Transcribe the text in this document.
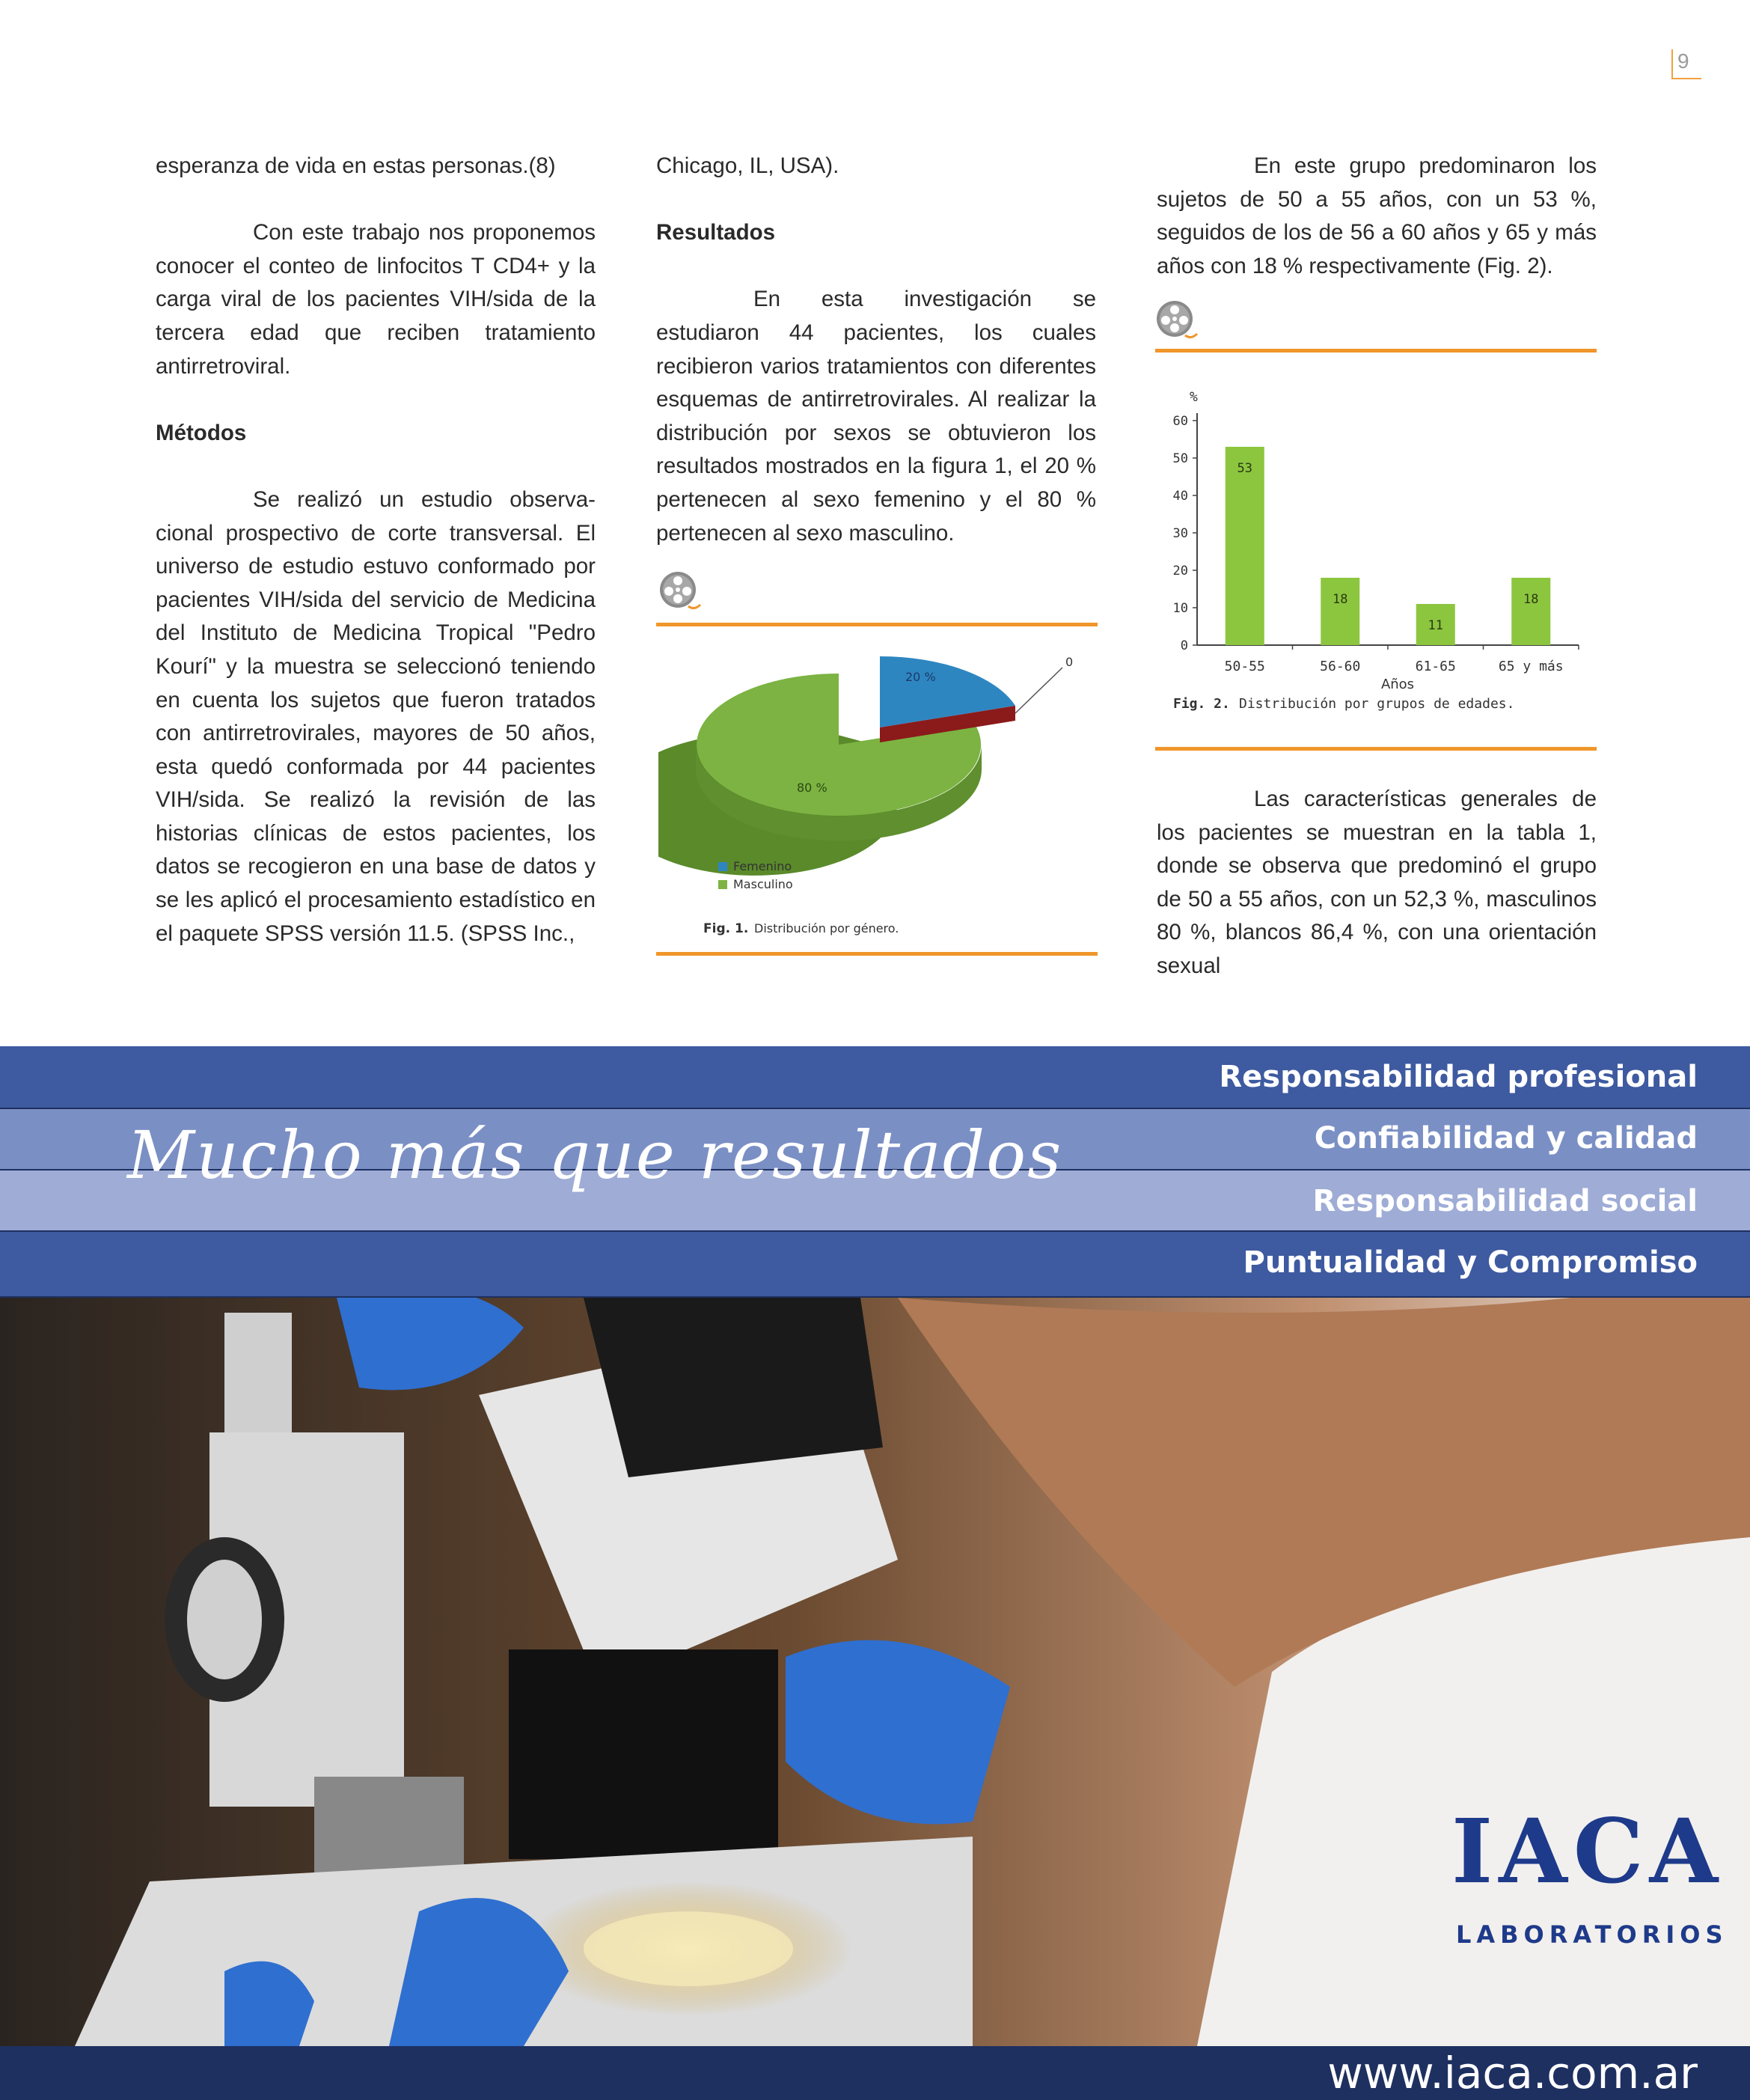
9

esperanza de vida en estas personas.(8)

Con este trabajo nos proponemos conocer el conteo de linfocitos T CD4+ y la carga viral de los pacientes VIH/sida de la tercera edad que reciben tratamiento antirretroviral.

Métodos

Se realizó un estudio observa-cional prospectivo de corte transversal. El universo de estudio estuvo conformado por pacientes VIH/sida del servicio de Medicina del Instituto de Medicina Tropical "Pedro Kourí" y la muestra se seleccionó teniendo en cuenta los sujetos que fueron tratados con antirretrovirales, mayores de 50 años, esta quedó conformada por 44 pacientes VIH/sida. Se realizó la revisión de las historias clínicas de estos pacientes, los datos se recogieron en una base de datos y se les aplicó el procesamiento estadístico en el paquete SPSS versión 11.5. (SPSS Inc.,

Chicago, IL, USA).

Resultados

En esta investigación se estudiaron 44 pacientes, los cuales recibieron varios tratamientos con diferentes esquemas de antirretrovirales. Al realizar la distribución por sexos se obtuvieron los resultados mostrados en la figura 1, el 20 % pertenecen al sexo femenino y el 80 % pertenecen al sexo masculino.

En este grupo predominaron los sujetos de 50 a 55 años, con un 53 %, seguidos de los de 56 a 60 años y 65 y más años con 18 % respectivamente (Fig. 2).

Las características generales de los pacientes se muestran en la tabla 1, donde se observa que predominó el grupo de 50 a 55 años, con un 52,3 %, masculinos 80 %, blancos 86,4 %, con una orientación sexual

0
20 %
80 %
Femenino
Masculino
Fig. 1. Distribución por género.
%
0
10
20
30
40
50
60
53
50-55
18
56-60
11
61-65
18
65 y más
Años
Fig. 2. Distribución por grupos de edades.
Responsabilidad profesional
Confiabilidad y calidad
Responsabilidad social
Puntualidad y Compromiso
Mucho más que resultados
IACA
LABORATORIOS
www.iaca.com.ar
